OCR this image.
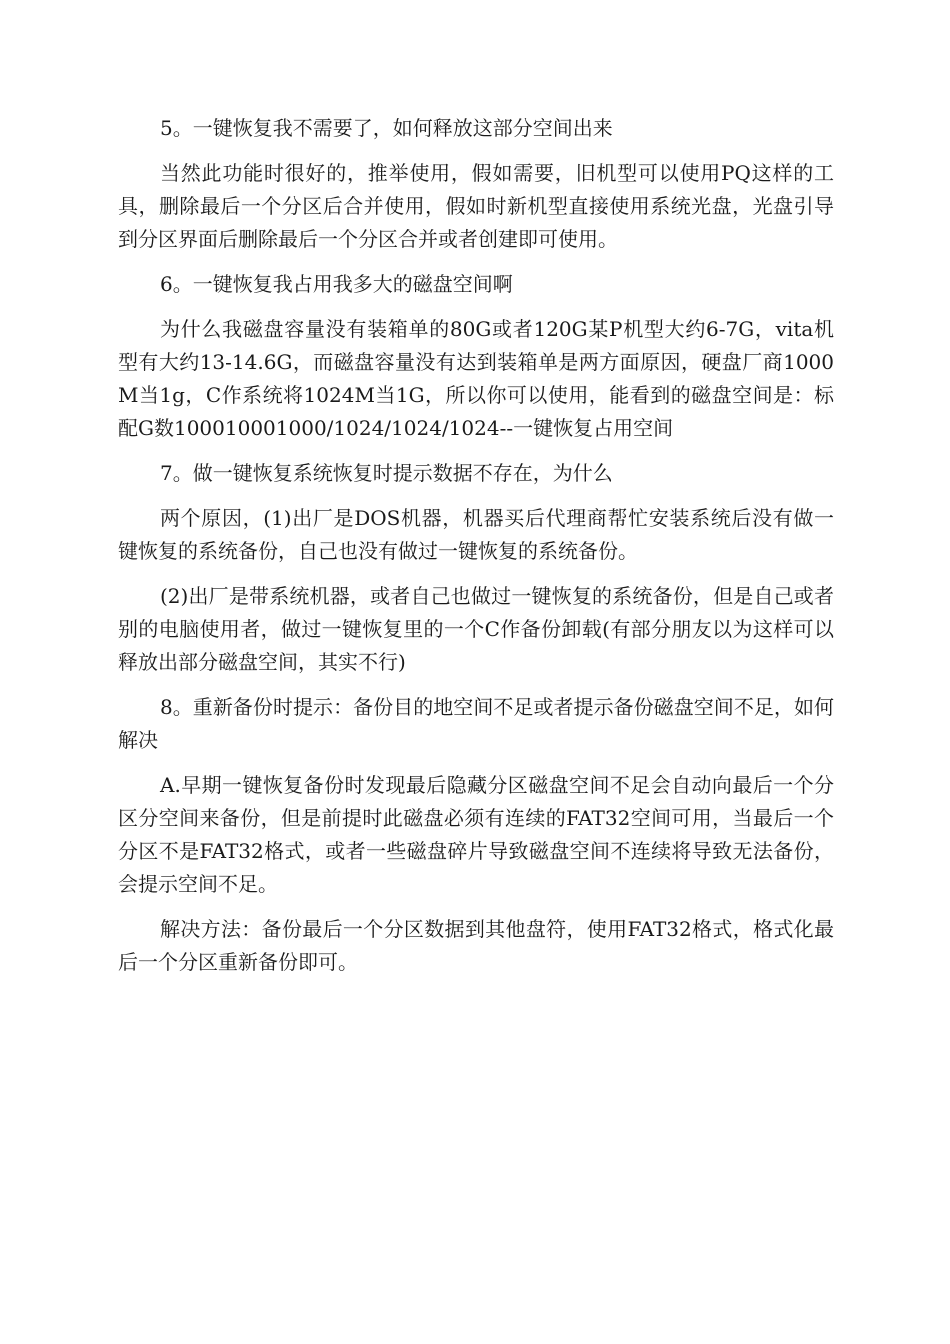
5。一键恢复我不需要了，如何释放这部分空间出来

当然此功能时很好的，推举使用，假如需要，旧机型可以使用PQ这样的工具，删除最后一个分区后合并使用，假如时新机型直接使用系统光盘，光盘引导到分区界面后删除最后一个分区合并或者创建即可使用。

6。一键恢复我占用我多大的磁盘空间啊

为什么我磁盘容量没有装箱单的80G或者120G某P机型大约6-7G，vita机型有大约13-14.6G，而磁盘容量没有达到装箱单是两方面原因，硬盘厂商1000M当1g，C作系统将1024M当1G，所以你可以使用，能看到的磁盘空间是：标配G数100010001000/1024/1024/1024--一键恢复占用空间

7。做一键恢复系统恢复时提示数据不存在，为什么

两个原因，(1)出厂是DOS机器，机器买后代理商帮忙安装系统后没有做一键恢复的系统备份，自己也没有做过一键恢复的系统备份。

(2)出厂是带系统机器，或者自己也做过一键恢复的系统备份，但是自己或者别的电脑使用者，做过一键恢复里的一个C作备份卸载(有部分朋友以为这样可以释放出部分磁盘空间，其实不行)

8。重新备份时提示：备份目的地空间不足或者提示备份磁盘空间不足，如何解决

A.早期一键恢复备份时发现最后隐藏分区磁盘空间不足会自动向最后一个分区分空间来备份，但是前提时此磁盘必须有连续的FAT32空间可用，当最后一个分区不是FAT32格式，或者一些磁盘碎片导致磁盘空间不连续将导致无法备份，会提示空间不足。

解决方法：备份最后一个分区数据到其他盘符，使用FAT32格式，格式化最后一个分区重新备份即可。
